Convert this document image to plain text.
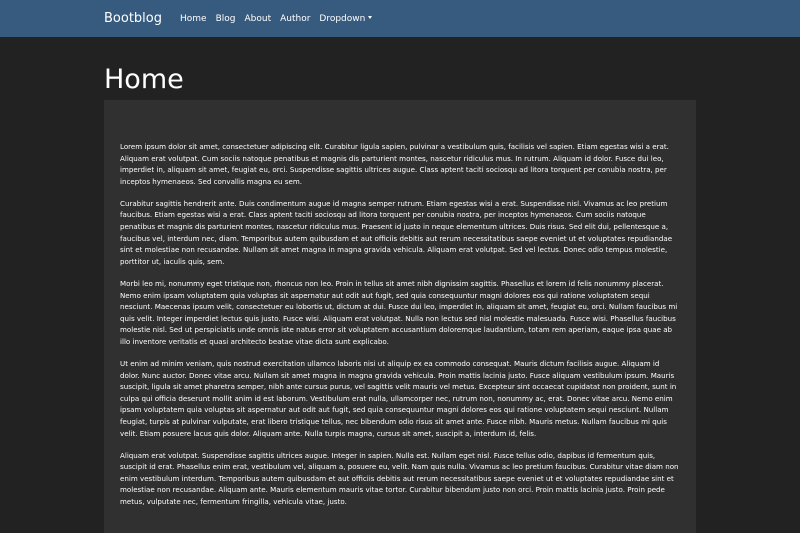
Bootblog Home Blog About Author Dropdown
Home

Lorem ipsum dolor sit amet, consectetuer adipiscing elit. Curabitur ligula sapien, pulvinar a vestibulum quis, facilisis vel sapien. Etiam egestas wisi a erat. Aliquam erat volutpat. Cum sociis natoque penatibus et magnis dis parturient montes, nascetur ridiculus mus. In rutrum. Aliquam id dolor. Fusce dui leo, imperdiet in, aliquam sit amet, feugiat eu, orci. Suspendisse sagittis ultrices augue. Class aptent taciti sociosqu ad litora torquent per conubia nostra, per inceptos hymenaeos. Sed convallis magna eu sem.

Curabitur sagittis hendrerit ante. Duis condimentum augue id magna semper rutrum. Etiam egestas wisi a erat. Suspendisse nisl. Vivamus ac leo pretium faucibus. Etiam egestas wisi a erat. Class aptent taciti sociosqu ad litora torquent per conubia nostra, per inceptos hymenaeos. Cum sociis natoque penatibus et magnis dis parturient montes, nascetur ridiculus mus. Praesent id justo in neque elementum ultrices. Duis risus. Sed elit dui, pellentesque a, faucibus vel, interdum nec, diam. Temporibus autem quibusdam et aut officiis debitis aut rerum necessitatibus saepe eveniet ut et voluptates repudiandae sint et molestiae non recusandae. Nullam sit amet magna in magna gravida vehicula. Aliquam erat volutpat. Sed vel lectus. Donec odio tempus molestie, porttitor ut, iaculis quis, sem.

Morbi leo mi, nonummy eget tristique non, rhoncus non leo. Proin in tellus sit amet nibh dignissim sagittis. Phasellus et lorem id felis nonummy placerat. Nemo enim ipsam voluptatem quia voluptas sit aspernatur aut odit aut fugit, sed quia consequuntur magni dolores eos qui ratione voluptatem sequi nesciunt. Maecenas ipsum velit, consectetuer eu lobortis ut, dictum at dui. Fusce dui leo, imperdiet in, aliquam sit amet, feugiat eu, orci. Nullam faucibus mi quis velit. Integer imperdiet lectus quis justo. Fusce wisi. Aliquam erat volutpat. Nulla non lectus sed nisl molestie malesuada. Fusce wisi. Phasellus faucibus molestie nisl. Sed ut perspiciatis unde omnis iste natus error sit voluptatem accusantium doloremque laudantium, totam rem aperiam, eaque ipsa quae ab illo inventore veritatis et quasi architecto beatae vitae dicta sunt explicabo.

Ut enim ad minim veniam, quis nostrud exercitation ullamco laboris nisi ut aliquip ex ea commodo consequat. Mauris dictum facilisis augue. Aliquam id dolor. Nunc auctor. Donec vitae arcu. Nullam sit amet magna in magna gravida vehicula. Proin mattis lacinia justo. Fusce aliquam vestibulum ipsum. Mauris suscipit, ligula sit amet pharetra semper, nibh ante cursus purus, vel sagittis velit mauris vel metus. Excepteur sint occaecat cupidatat non proident, sunt in culpa qui officia deserunt mollit anim id est laborum. Vestibulum erat nulla, ullamcorper nec, rutrum non, nonummy ac, erat. Donec vitae arcu. Nemo enim ipsam voluptatem quia voluptas sit aspernatur aut odit aut fugit, sed quia consequuntur magni dolores eos qui ratione voluptatem sequi nesciunt. Nullam feugiat, turpis at pulvinar vulputate, erat libero tristique tellus, nec bibendum odio risus sit amet ante. Fusce nibh. Mauris metus. Nullam faucibus mi quis velit. Etiam posuere lacus quis dolor. Aliquam ante. Nulla turpis magna, cursus sit amet, suscipit a, interdum id, felis.

Aliquam erat volutpat. Suspendisse sagittis ultrices augue. Integer in sapien. Nulla est. Nullam eget nisl. Fusce tellus odio, dapibus id fermentum quis, suscipit id erat. Phasellus enim erat, vestibulum vel, aliquam a, posuere eu, velit. Nam quis nulla. Vivamus ac leo pretium faucibus. Curabitur vitae diam non enim vestibulum interdum. Temporibus autem quibusdam et aut officiis debitis aut rerum necessitatibus saepe eveniet ut et voluptates repudiandae sint et molestiae non recusandae. Aliquam ante. Mauris elementum mauris vitae tortor. Curabitur bibendum justo non orci. Proin mattis lacinia justo. Proin pede metus, vulputate nec, fermentum fringilla, vehicula vitae, justo.
